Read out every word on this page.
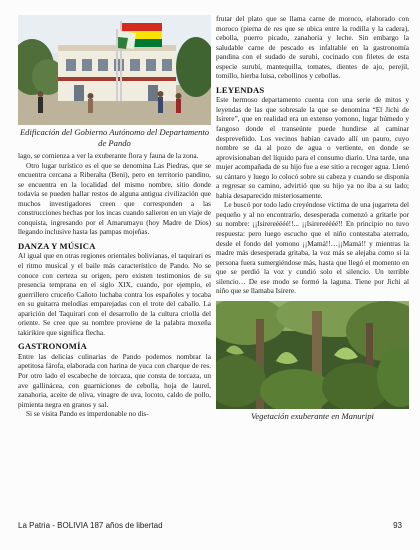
Edificación del Gobierno Autónomo del Departamento de Pando

lago, se comienza a ver la exuberante flora y fauna de la zona.

Otro lugar turístico es el que se denomina Las Piedras, que se encuentra cercana a Riberalta (Beni), pero en territorio pandino, se encuentra en la localidad del mismo nombre, sitio donde todavía se pueden hallar restos de alguna antigua civilización que muchos investigadores creen que corresponden a las construcciones hechas por los incas cuando salieron en un viaje de conquista, ingresando por el Amarumayu (hoy Madre de Dios) llegando inclusive hasta las pampas mojeñas.

DANZA Y MÚSICA

Al igual que en otras regiones orientales bolivianas, el taquirari es el ritmo musical y el baile más característico de Pando. No se conoce con certeza su origen, pero existen testimonios de su presencia temprana en el siglo XIX, cuando, por ejemplo, el guerrillero cruceño Cañoto luchaba contra los españoles y tocaba en su guitarra melodías emparejadas con el trote del caballo. La aparición del Taquirari con el desarrollo de la cultura criolla del oriente. Se cree que su nombre proviene de la palabra moxeña takirikire que significa flecha.

GASTRONOMÍA

Entre las delicias culinarias de Pando podemos nombrar la apetitosa fárofa, elaborada con harina de yuca con charque de res. Por otro lado el escabeche de torcaza, que consta de torcaza, un ave gallinácea, con guarniciones de cebolla, hoja de laurel, zanahoria, aceite de oliva, vinagre de uva, locoto, caldo de pollo, pimienta negra en granos y sal.

Si se visita Pando es imperdonable no dis-

frutar del plato que se llama carne de moroco, elaborado con moroco (pierna de res que se ubica entre la rodilla y la cadera), cebolla, puerro picado, zanahoria y leche. Sin embargo la saludable carne de pescado es infaltable en la gastronomía pandina con el sudado de surubí, cocinado con filetes de esta especie surubí, mantequilla, tomates, dientes de ajo, perejil, tomillo, hierba luisa, cebollinos y cebollas.

LEYENDAS

Este hermoso departamento cuenta con una serie de mitos y leyendas de las que sobresale la que se denomina “El Jichi de Isirere”, que en realidad era un extenso yomono, lugar húmedo y fangoso donde el transeúnte puede hundirse al caminar despreveñido. Los vecinos habían cavado allí un pauro, cuyo nombre se da al pozo de agua o vertiente, en donde se aprovisionaban del líquido para el consumo diario. Una tarde, una mujer acompañada de su hijo fue a ese sitio a recoger agua. Llenó su cántaro y luego lo colocó sobre su cabeza y cuando se disponía a regresar su camino, advirtió que su hijo ya no iba a su lado; había desaparecido misteriosamente.

Le buscó por todo lado creyéndose víctima de una jugarreta del pequeño y al no encontrarlo, desesperada comenzó a gritarle por su nombre: ¡¡Isirereéééé!!... ¡¡Isirereéééé!! En principio no tuvo respuesta: pero luego escucho que el niño contestaba aterrado, desde el fondo del yomono ¡¡Mamá!!…¡¡Mamá!! y mientras la madre más desesperada gritaba, la voz más se alejaba como si la persona fuera sumergiéndose más, hasta que llegó el momento en que se perdió la voz y cundió solo el silencio. Un terrible silencio… De ese modo se formó la laguna. Tiene por Jichi al niño que se llamaba Isirere.

Vegetación exuberante en Manuripi
La Patria - BOLIVIA 187 años de libertad	93
